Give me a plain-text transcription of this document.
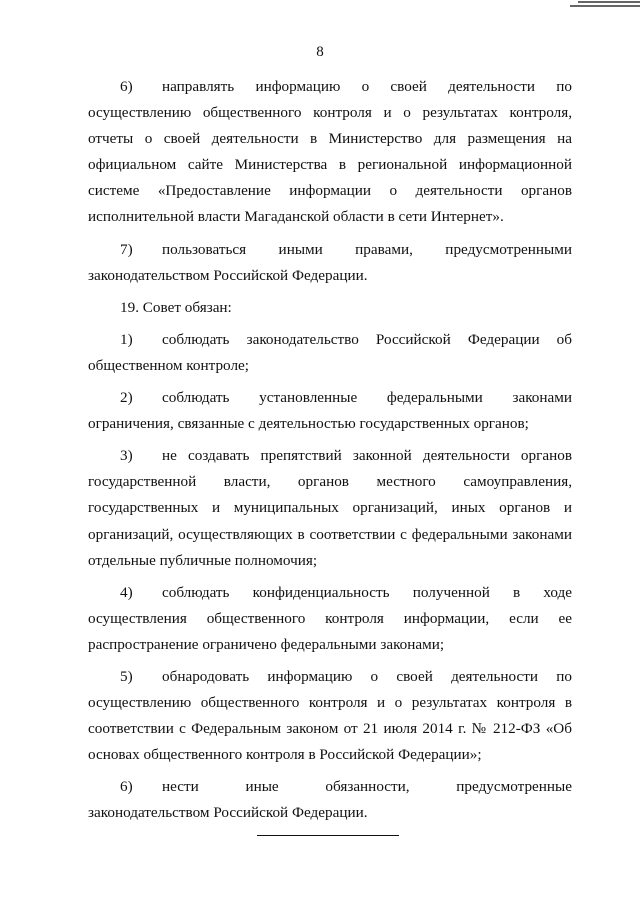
8
6)	направлять информацию о своей деятельности по
осуществлению общественного контроля и о результатах контроля, отчеты о своей деятельности в Министерство для размещения на официальном сайте Министерства в региональной информационной системе «Предоставление информации о деятельности органов исполнительной власти Магаданской области в сети Интернет».
7)	пользоваться иными правами, предусмотренными
законодательством Российской Федерации.
19. Совет обязан:
1)	соблюдать законодательство Российской Федерации об
общественном контроле;
2)	соблюдать установленные федеральными законами
ограничения, связанные с деятельностью государственных органов;
3)	не создавать препятствий законной деятельности органов
государственной власти, органов местного самоуправления, государственных и муниципальных организаций, иных органов и организаций, осуществляющих в соответствии с федеральными законами отдельные публичные полномочия;
4)	соблюдать конфиденциальность полученной в ходе
осуществления общественного контроля информации, если ее распространение ограничено федеральными законами;
5)	обнародовать информацию о своей деятельности по
осуществлению общественного контроля и о результатах контроля в соответствии с Федеральным законом от 21 июля 2014 г. № 212-ФЗ «Об основах общественного контроля в Российской Федерации»;
6)	нести иные обязанности, предусмотренные
законодательством Российской Федерации.
